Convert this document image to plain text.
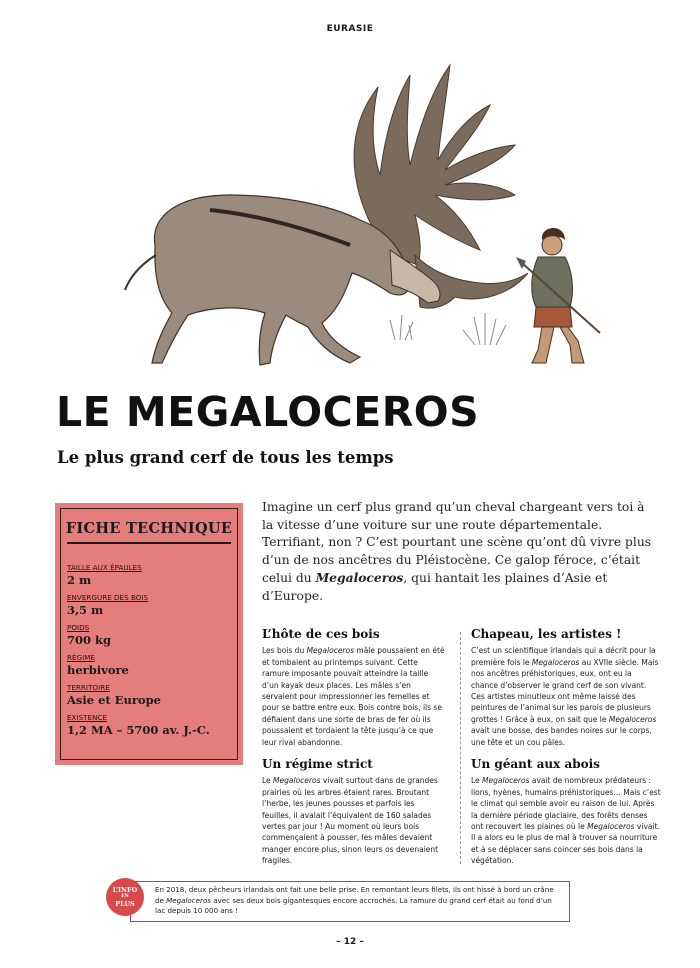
EURASIE
LE MEGALOCEROS
Le plus grand cerf de tous les temps
FICHE TECHNIQUE
TAILLE AUX ÉPAULES
2 m
ENVERGURE DES BOIS
3,5 m
POIDS
700 kg
RÉGIME
herbivore
TERRITOIRE
Asie et Europe
EXISTENCE
1,2 MA – 5700 av. J.-C.

Imagine un cerf plus grand qu’un cheval chargeant vers toi à la vitesse d’une voiture sur une route départementale. Terrifiant, non ? C’est pourtant une scène qu’ont dû vivre plus d’un de nos ancêtres du Pléistocène. Ce galop féroce, c’était celui du Megaloceros, qui hantait les plaines d’Asie et d’Europe.

L’hôte de ces bois

Les bois du Megaloceros mâle poussaient en été et tombaient au printemps suivant. Cette ramure imposante pouvait atteindre la taille d’un kayak deux places. Les mâles s’en servaient pour impressionner les femelles et pour se battre entre eux. Bois contre bois, ils se défiaient dans une sorte de bras de fer où ils poussaient et tordaient la tête jusqu’à ce que leur rival abandonne.

Un régime strict

Le Megaloceros vivait surtout dans de grandes prairies où les arbres étaient rares. Broutant l’herbe, les jeunes pousses et parfois les feuilles, il avalait l’équivalent de 160 salades vertes par jour ! Au moment où leurs bois commençaient à pousser, les mâles devaient manger encore plus, sinon leurs os devenaient fragiles.

Chapeau, les artistes !

C’est un scientifique irlandais qui a décrit pour la première fois le Megaloceros au XVIIe siècle. Mais nos ancêtres préhistoriques, eux, ont eu la chance d’observer le grand cerf de son vivant. Ces artistes minutieux ont même laissé des peintures de l’animal sur les parois de plusieurs grottes ! Grâce à eux, on sait que le Megaloceros avait une bosse, des bandes noires sur le corps, une tête et un cou pâles.

Un géant aux abois

Le Megaloceros avait de nombreux prédateurs : lions, hyènes, humains préhistoriques… Mais c’est le climat qui semble avoir eu raison de lui. Après la dernière période glaciaire, des forêts denses ont recouvert les plaines où le Megaloceros vivait. Il a alors eu le plus de mal à trouver sa nourriture et à se déplacer sans coincer ses bois dans la végétation.

L’INFO
EN
PLUS

En 2018, deux pêcheurs irlandais ont fait une belle prise. En remontant leurs filets, ils ont hissé à bord un crâne de Megaloceros avec ses deux bois gigantesques encore accrochés. La ramure du grand cerf était au fond d’un lac depuis 10 000 ans !

– 12 –
